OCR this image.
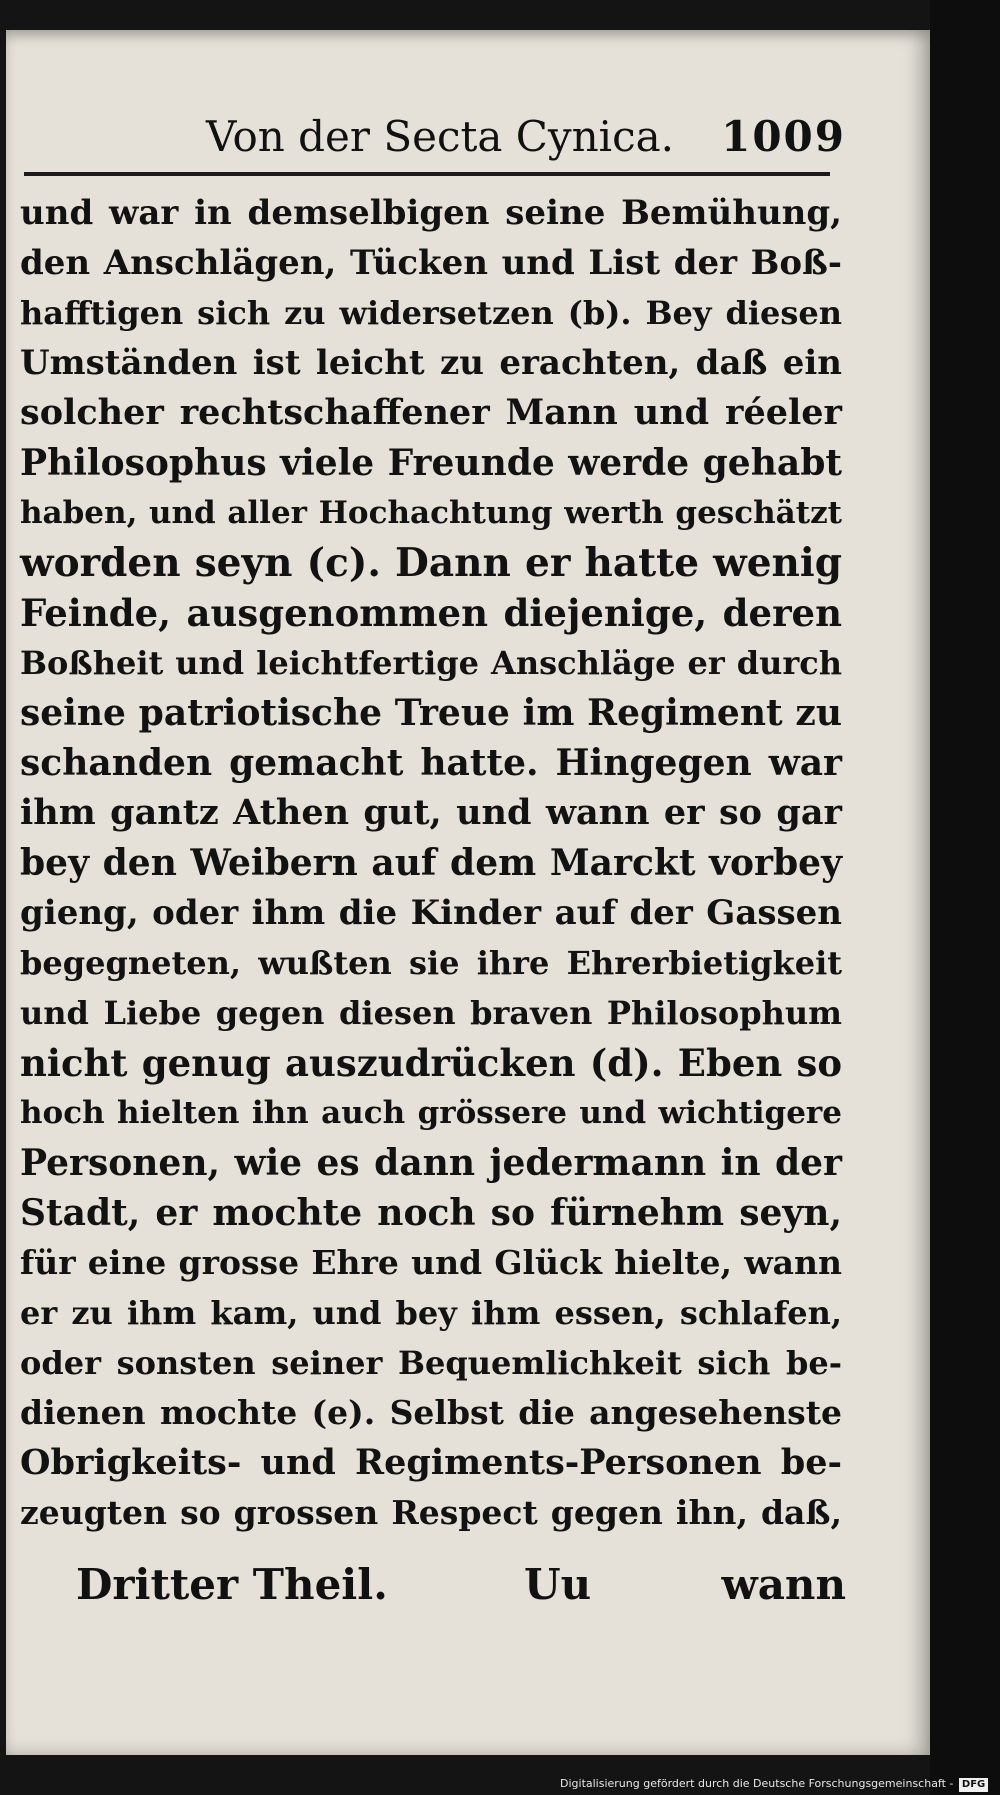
Von der Secta Cynica. 1009
und war in demselbigen seine Bemühung,
den Anschlägen, Tücken und List der Boß-
hafftigen sich zu widersetzen (b). Bey diesen
Umständen ist leicht zu erachten, daß ein
solcher rechtschaffener Mann und réeler
Philosophus viele Freunde werde gehabt
haben, und aller Hochachtung werth geschätzt
worden seyn (c). Dann er hatte wenig
Feinde, ausgenommen diejenige, deren
Boßheit und leichtfertige Anschläge er durch
seine patriotische Treue im Regiment zu
schanden gemacht hatte. Hingegen war
ihm gantz Athen gut, und wann er so gar
bey den Weibern auf dem Marckt vorbey
gieng, oder ihm die Kinder auf der Gassen
begegneten, wußten sie ihre Ehrerbietigkeit
und Liebe gegen diesen braven Philosophum
nicht genug auszudrücken (d). Eben so
hoch hielten ihn auch grössere und wichtigere
Personen, wie es dann jedermann in der
Stadt, er mochte noch so fürnehm seyn,
für eine grosse Ehre und Glück hielte, wann
er zu ihm kam, und bey ihm essen, schlafen,
oder sonsten seiner Bequemlichkeit sich be-
dienen mochte (e). Selbst die angesehenste
Obrigkeits- und Regiments-Personen be-
zeugten so grossen Respect gegen ihn, daß,
Dritter Theil.	Uu	wann
Digitalisierung gefördert durch die Deutsche Forschungsgemeinschaft - DFG
